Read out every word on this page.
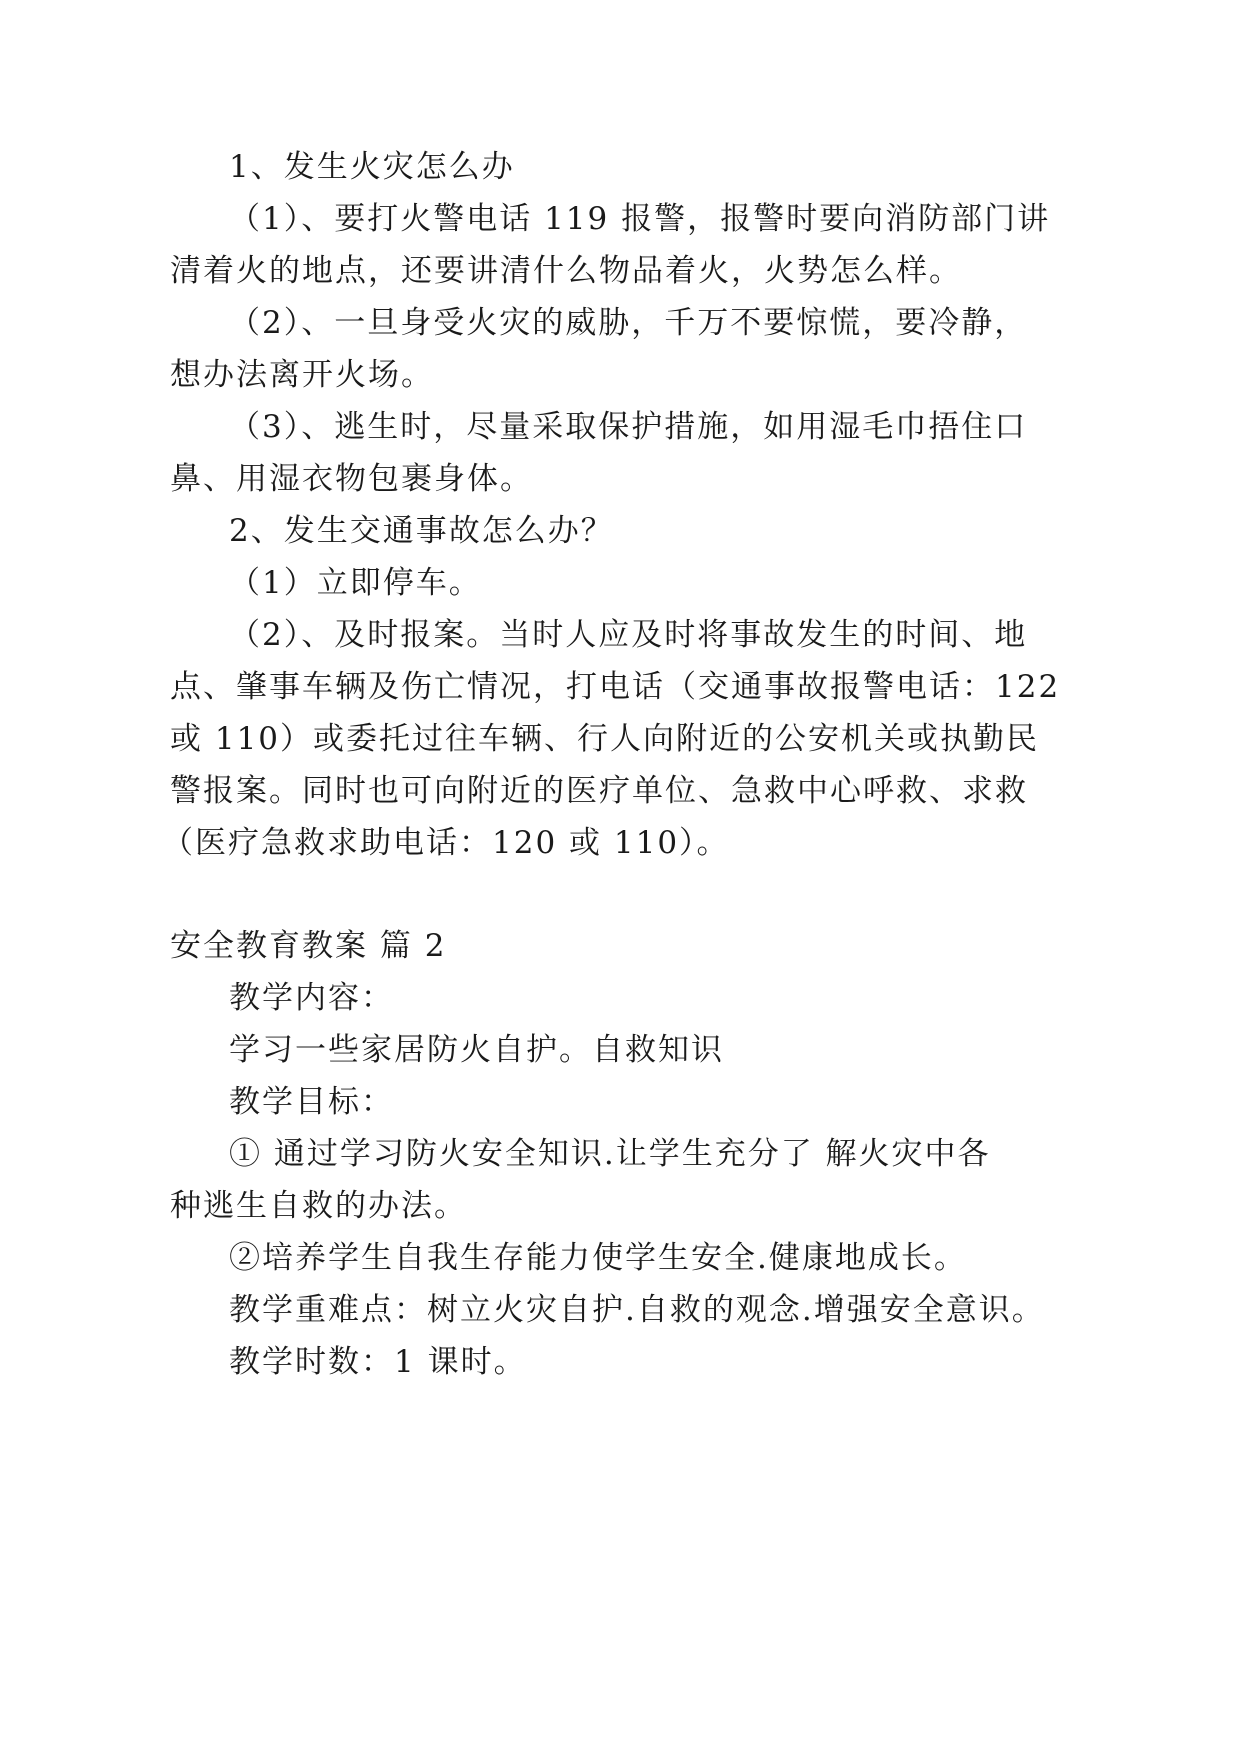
1、发生火灾怎么办
（1）、要打火警电话 119 报警，报警时要向消防部门讲
清着火的地点，还要讲清什么物品着火，火势怎么样。
（2）、一旦身受火灾的威胁，千万不要惊慌，要冷静，
想办法离开火场。
（3）、逃生时，尽量采取保护措施，如用湿毛巾捂住口
鼻、用湿衣物包裹身体。
2、发生交通事故怎么办？
（1）立即停车。
（2）、及时报案。当时人应及时将事故发生的时间、地
点、肇事车辆及伤亡情况，打电话（交通事故报警电话：122
或 110）或委托过往车辆、行人向附近的公安机关或执勤民
警报案。同时也可向附近的医疗单位、急救中心呼救、求救
（医疗急救求助电话：120 或 110）。
安全教育教案 篇 2
教学内容：
学习一些家居防火自护。自救知识
教学目标：
① 通过学习防火安全知识.让学生充分了 解火灾中各
种逃生自救的办法。
②培养学生自我生存能力使学生安全.健康地成长。
教学重难点：树立火灾自护.自救的观念.增强安全意识。
教学时数：1 课时。
